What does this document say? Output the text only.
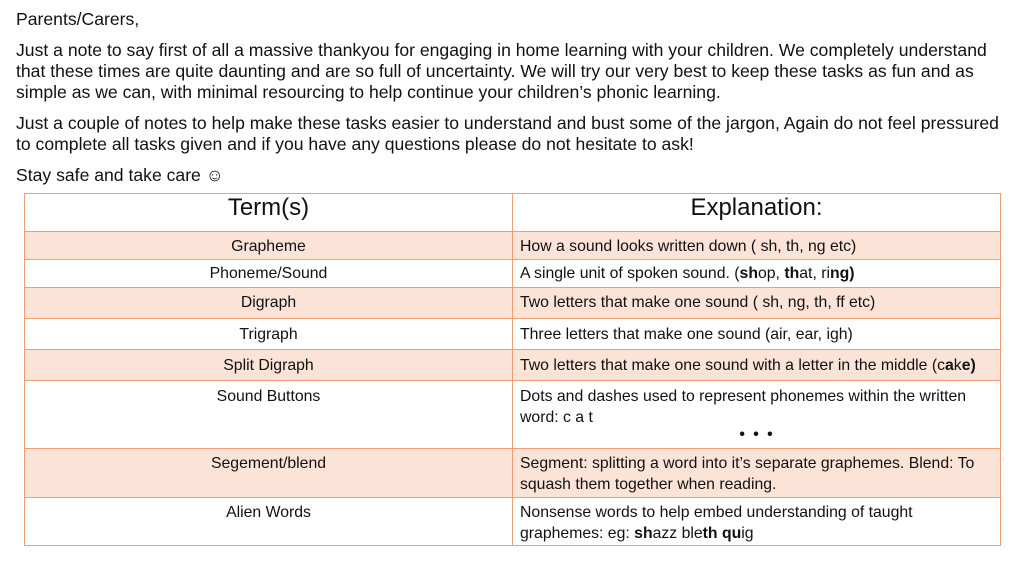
Parents/Carers,

Just a note to say first of all a massive thankyou for engaging in home learning with your children. We completely understand that these times are quite daunting and are so full of uncertainty. We will try our very best to keep these tasks as fun and as simple as we can, with minimal resourcing to help continue your children’s phonic learning.

Just a couple of notes to help make these tasks easier to understand and bust some of the jargon, Again do not feel pressured to complete all tasks given and if you have any questions please do not hesitate to ask!

Stay safe and take care ☺

Term(s)	Explanation:
Grapheme	How a sound looks written down ( sh, th, ng etc)
Phoneme/Sound	A single unit of spoken sound. (shop, that, ring)
Digraph	Two letters that make one sound ( sh, ng, th, ff etc)
Trigraph	Three letters that make one sound (air, ear, igh)
Split Digraph	Two letters that make one sound with a letter in the middle (cake)
Sound Buttons	Dots and dashes used to represent phonemes within the written word: c a t
• • •

Segement/blend	Segment: splitting a word into it’s separate graphemes. Blend: To squash them together when reading.
Alien Words	Nonsense words to help embed understanding of taught graphemes: eg: shazz bleth quig
